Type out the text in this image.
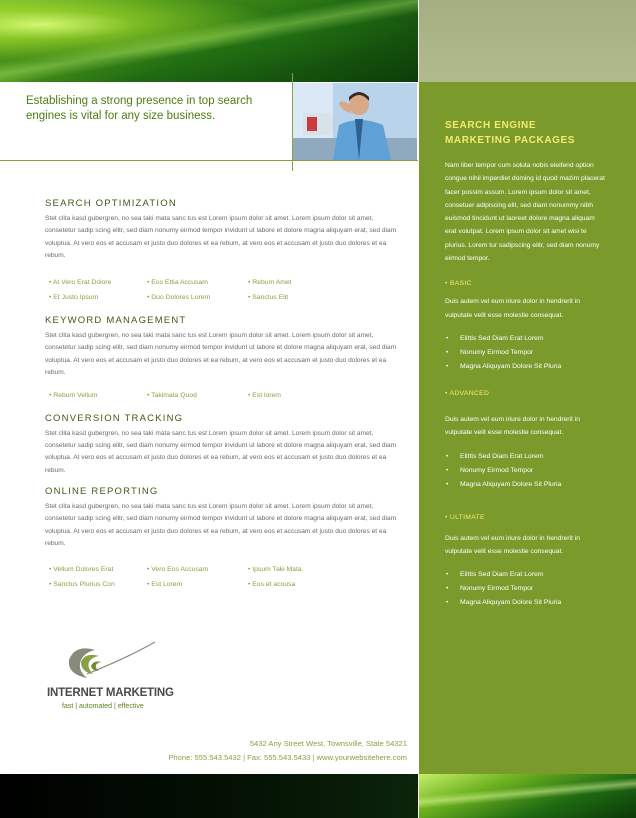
Establishing a strong presence in top search engines is vital for any size business.
SEARCH OPTIMIZATION

Stet clita kasd gubergren, no sea taki mata sanc tus est Lorem ipsum dolor sit amet. Lorem ipsum dolor sit amet, consetetur sadip scing elitr, sed diam nonumy eirmod tempor invidunt ut labore et dolore magna aliquyam erat, sed diam voluptua. At vero eos et accusam et justo duo dolores et ea rebum, at vero eos et accusam et justo duo dolores et ea rebum.

• At Vero Erat Dolore	• Eos Ettia Accusam	• Rebum Amet
• Et Justo Ipsum	• Duo Dolores Lorem	• Sanctus Elit
KEYWORD MANAGEMENT

Stet clita kasd gubergren, no sea taki mata sanc tus est Lorem ipsum dolor sit amet. Lorem ipsum dolor sit amet, consetetur sadip scing elitr, sed diam nonumy eirmod tempor invidunt ut labore et dolore magna aliquyam erat, sed diam voluptua. At vero eos et accusam et justo duo dolores et ea rebum, at vero eos et accusam et justo duo dolores et ea rebum.

• Rebum Vellum	• Takimata Quod	• Est lorem
CONVERSION TRACKING

Stet clita kasd gubergren, no sea taki mata sanc tus est Lorem ipsum dolor sit amet. Lorem ipsum dolor sit amet, consetetur sadip scing elitr, sed diam nonumy eirmod tempor invidunt ut labore et dolore magna aliquyam erat, sed diam voluptua. At vero eos et accusam et justo duo dolores et ea rebum, at vero eos et accusam et justo duo dolores et ea rebum.

ONLINE REPORTING

Stet clita kasd gubergren, no sea taki mata sanc tus est Lorem ipsum dolor sit amet. Lorem ipsum dolor sit amet, consetetur sadip scing elitr, sed diam nonumy eirmod tempor invidunt ut labore et dolore magna aliquyam erat, sed diam voluptua. At vero eos et accusam et justo duo dolores et ea rebum, at vero eos et accusam et justo duo dolores et ea rebum.

• Vellum Dolores Erat	• Vero Eos Accusam	• Ipsum Taki Mata
• Sanctus Plurius Con	• Est Lorem	• Eos et acousa
INTERNET MARKETING
fast | automated | effective
5432 Any Street West, Townsville, State 54321
Phone: 555.543.5432 | Fax: 555.543.5433 | www.yourwebsitehere.com
SEARCH ENGINE
MARKETING PACKAGES

Nam liber tempor cum soluta nobis eleifend option congue nihil imperdiet doming id quod mazim placerat facer possim assum. Lorem ipsum dolor sit amet, consetuer adipiscing elit, sed diam nonummy nibh euismod tincidunt ut laoreet dolore magna aliquam erat volutpat. Lorem ipsum dolor sit amet wisi te plurius. Lorem tur sadipscing elitr, sed diam nonumy eirmod tempor.

• BASIC

Duis autem vel eum iriure dolor in hendrerit in vulputate velit esse molestie consequat.

• Elittis Sed Diam Erat Lorem
• Nonumy Eirmod Tempor
• Magna Aliquyam Dolore Sit Pluria
• ADVANCED

Duis autem vel eum iriure dolor in hendrerit in vulputate velit esse molestie consequat.

• Elittis Sed Diam Erat Lorem
• Nonumy Eirmod Tempor
• Magna Aliquyam Dolore Sit Pluria
• ULTIMATE

Duis autem vel eum iriure dolor in hendrerit in vulputate velit esse molestie consequat.

• Elittis Sed Diam Erat Lorem
• Nonumy Eirmod Tempor
• Magna Aliquyam Dolore Sit Pluria
